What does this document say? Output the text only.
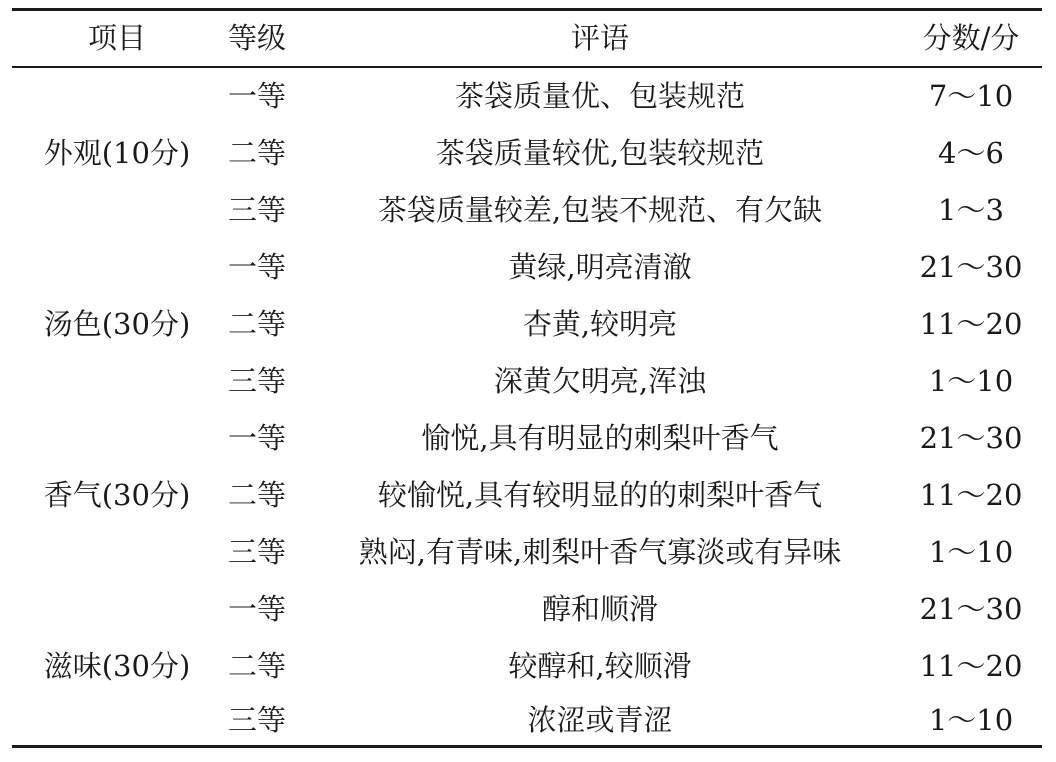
项目	等级	评语	分数/分
外观(10分)
一等	茶袋质量优、包装规范	7～10
二等	茶袋质量较优,包装较规范	4～6
三等	茶袋质量较差,包装不规范、有欠缺	1～3
汤色(30分)
一等	黄绿,明亮清澈	21～30
二等	杏黄,较明亮	11～20
三等	深黄欠明亮,浑浊	1～10
香气(30分)
一等	愉悦,具有明显的刺梨叶香气	21～30
二等	较愉悦,具有较明显的的刺梨叶香气	11～20
三等	熟闷,有青味,刺梨叶香气寡淡或有异味	1～10
滋味(30分)
一等	醇和顺滑	21～30
二等	较醇和,较顺滑	11～20
三等	浓涩或青涩	1～10
